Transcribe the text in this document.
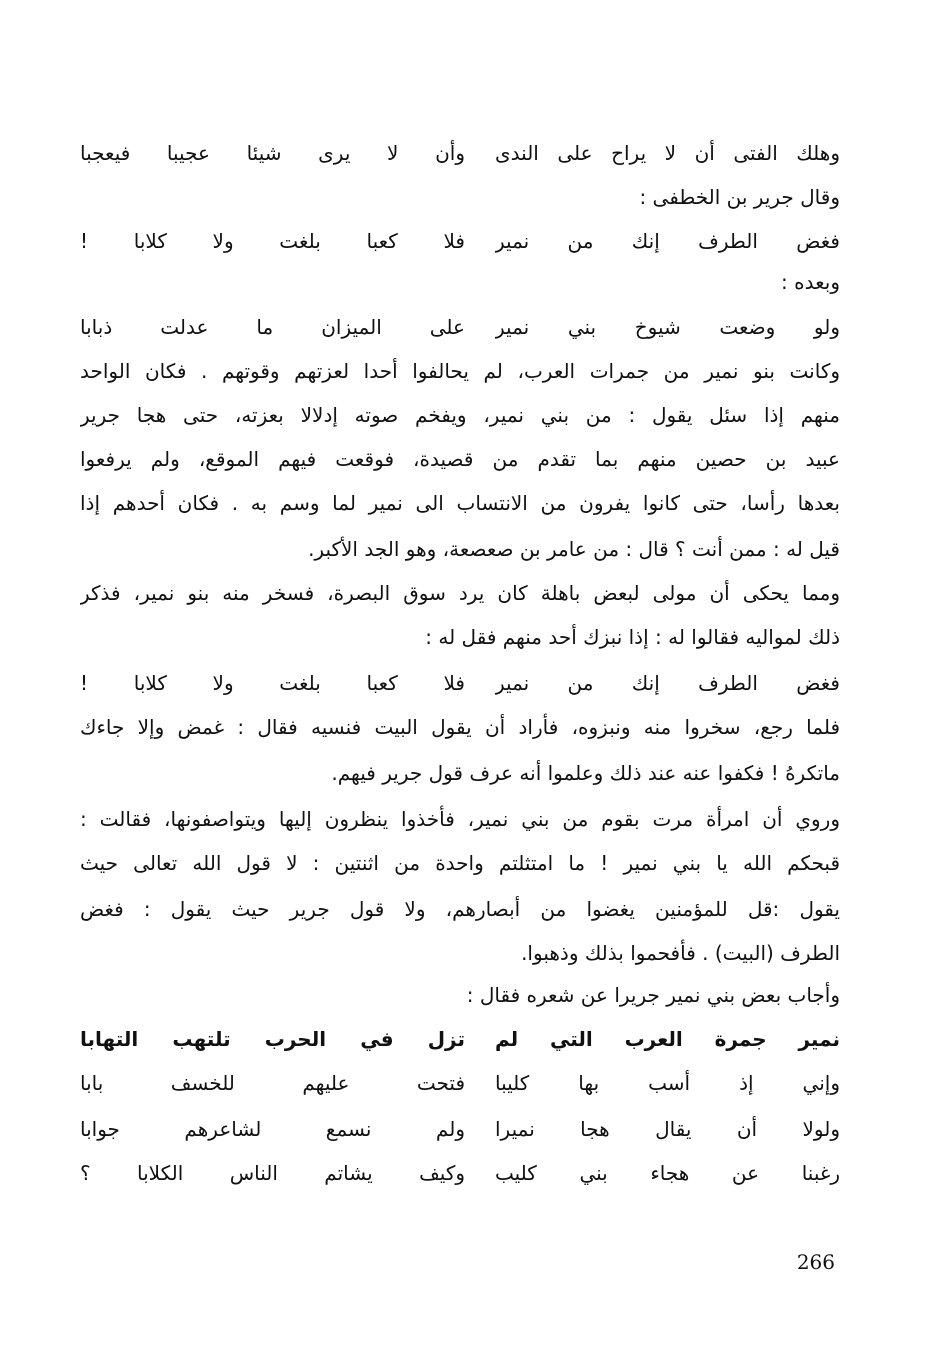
وهلك الفتى أن لا يراح على الندى
وأن لا يرى شيئا عجيبا فيعجبا
وقال جرير بن الخطفى :
فغض الطرف إنك من نمير
فلا كعبا بلغت ولا كلابا !
وبعده :
ولو وضعت شيوخ بني نمير
على الميزان ما عدلت ذبابا
وكانت بنو نمير من جمرات العرب، لم يحالفوا أحدا لعزتهم وقوتهم . فكان الواحد
منهم إذا سئل يقول : من بني نمير، ويفخم صوته إدلالا بعزته، حتى هجا جرير
عبيد بن حصين منهم بما تقدم من قصيدة، فوقعت فيهم الموقع، ولم يرفعوا
بعدها رأسا، حتى كانوا يفرون من الانتساب الى نمير لما وسم به . فكان أحدهم إذا
قيل له : ممن أنت ؟ قال : من عامر بن صعصعة، وهو الجد الأكبر.
ومما يحكى أن مولى لبعض باهلة كان يرد سوق البصرة، فسخر منه بنو نمير، فذكر
ذلك لمواليه فقالوا له : إذا نبزك أحد منهم فقل له :
فغض الطرف إنك من نمير
فلا كعبا بلغت ولا كلابا !
فلما رجع، سخروا منه ونبزوه، فأراد أن يقول البيت فنسيه فقال : غمض وإلا جاءك
ماتكرهُ ! فكفوا عنه عند ذلك وعلموا أنه عرف قول جرير فيهم.
وروي أن امرأة مرت بقوم من بني نمير، فأخذوا ينظرون إليها ويتواصفونها، فقالت :
قبحكم الله يا بني نمير ! ما امتثلتم واحدة من اثنتين : لا قول الله تعالى حيث
يقول :قل للمؤمنين يغضوا من أبصارهم، ولا قول جرير حيث يقول : فغض
الطرف (البيت) . فأفحموا بذلك وذهبوا.
وأجاب بعض بني نمير جريرا عن شعره فقال :
نمير جمرة العرب التي لم
تزل في الحرب تلتهب التهابا
وإني إذ أسب بها كليبا
فتحت عليهم للخسف بابا
ولولا أن يقال هجا نميرا
ولم نسمع لشاعرهم جوابا
رغبنا عن هجاء بني كليب
وكيف يشاتم الناس الكلابا ؟
266
